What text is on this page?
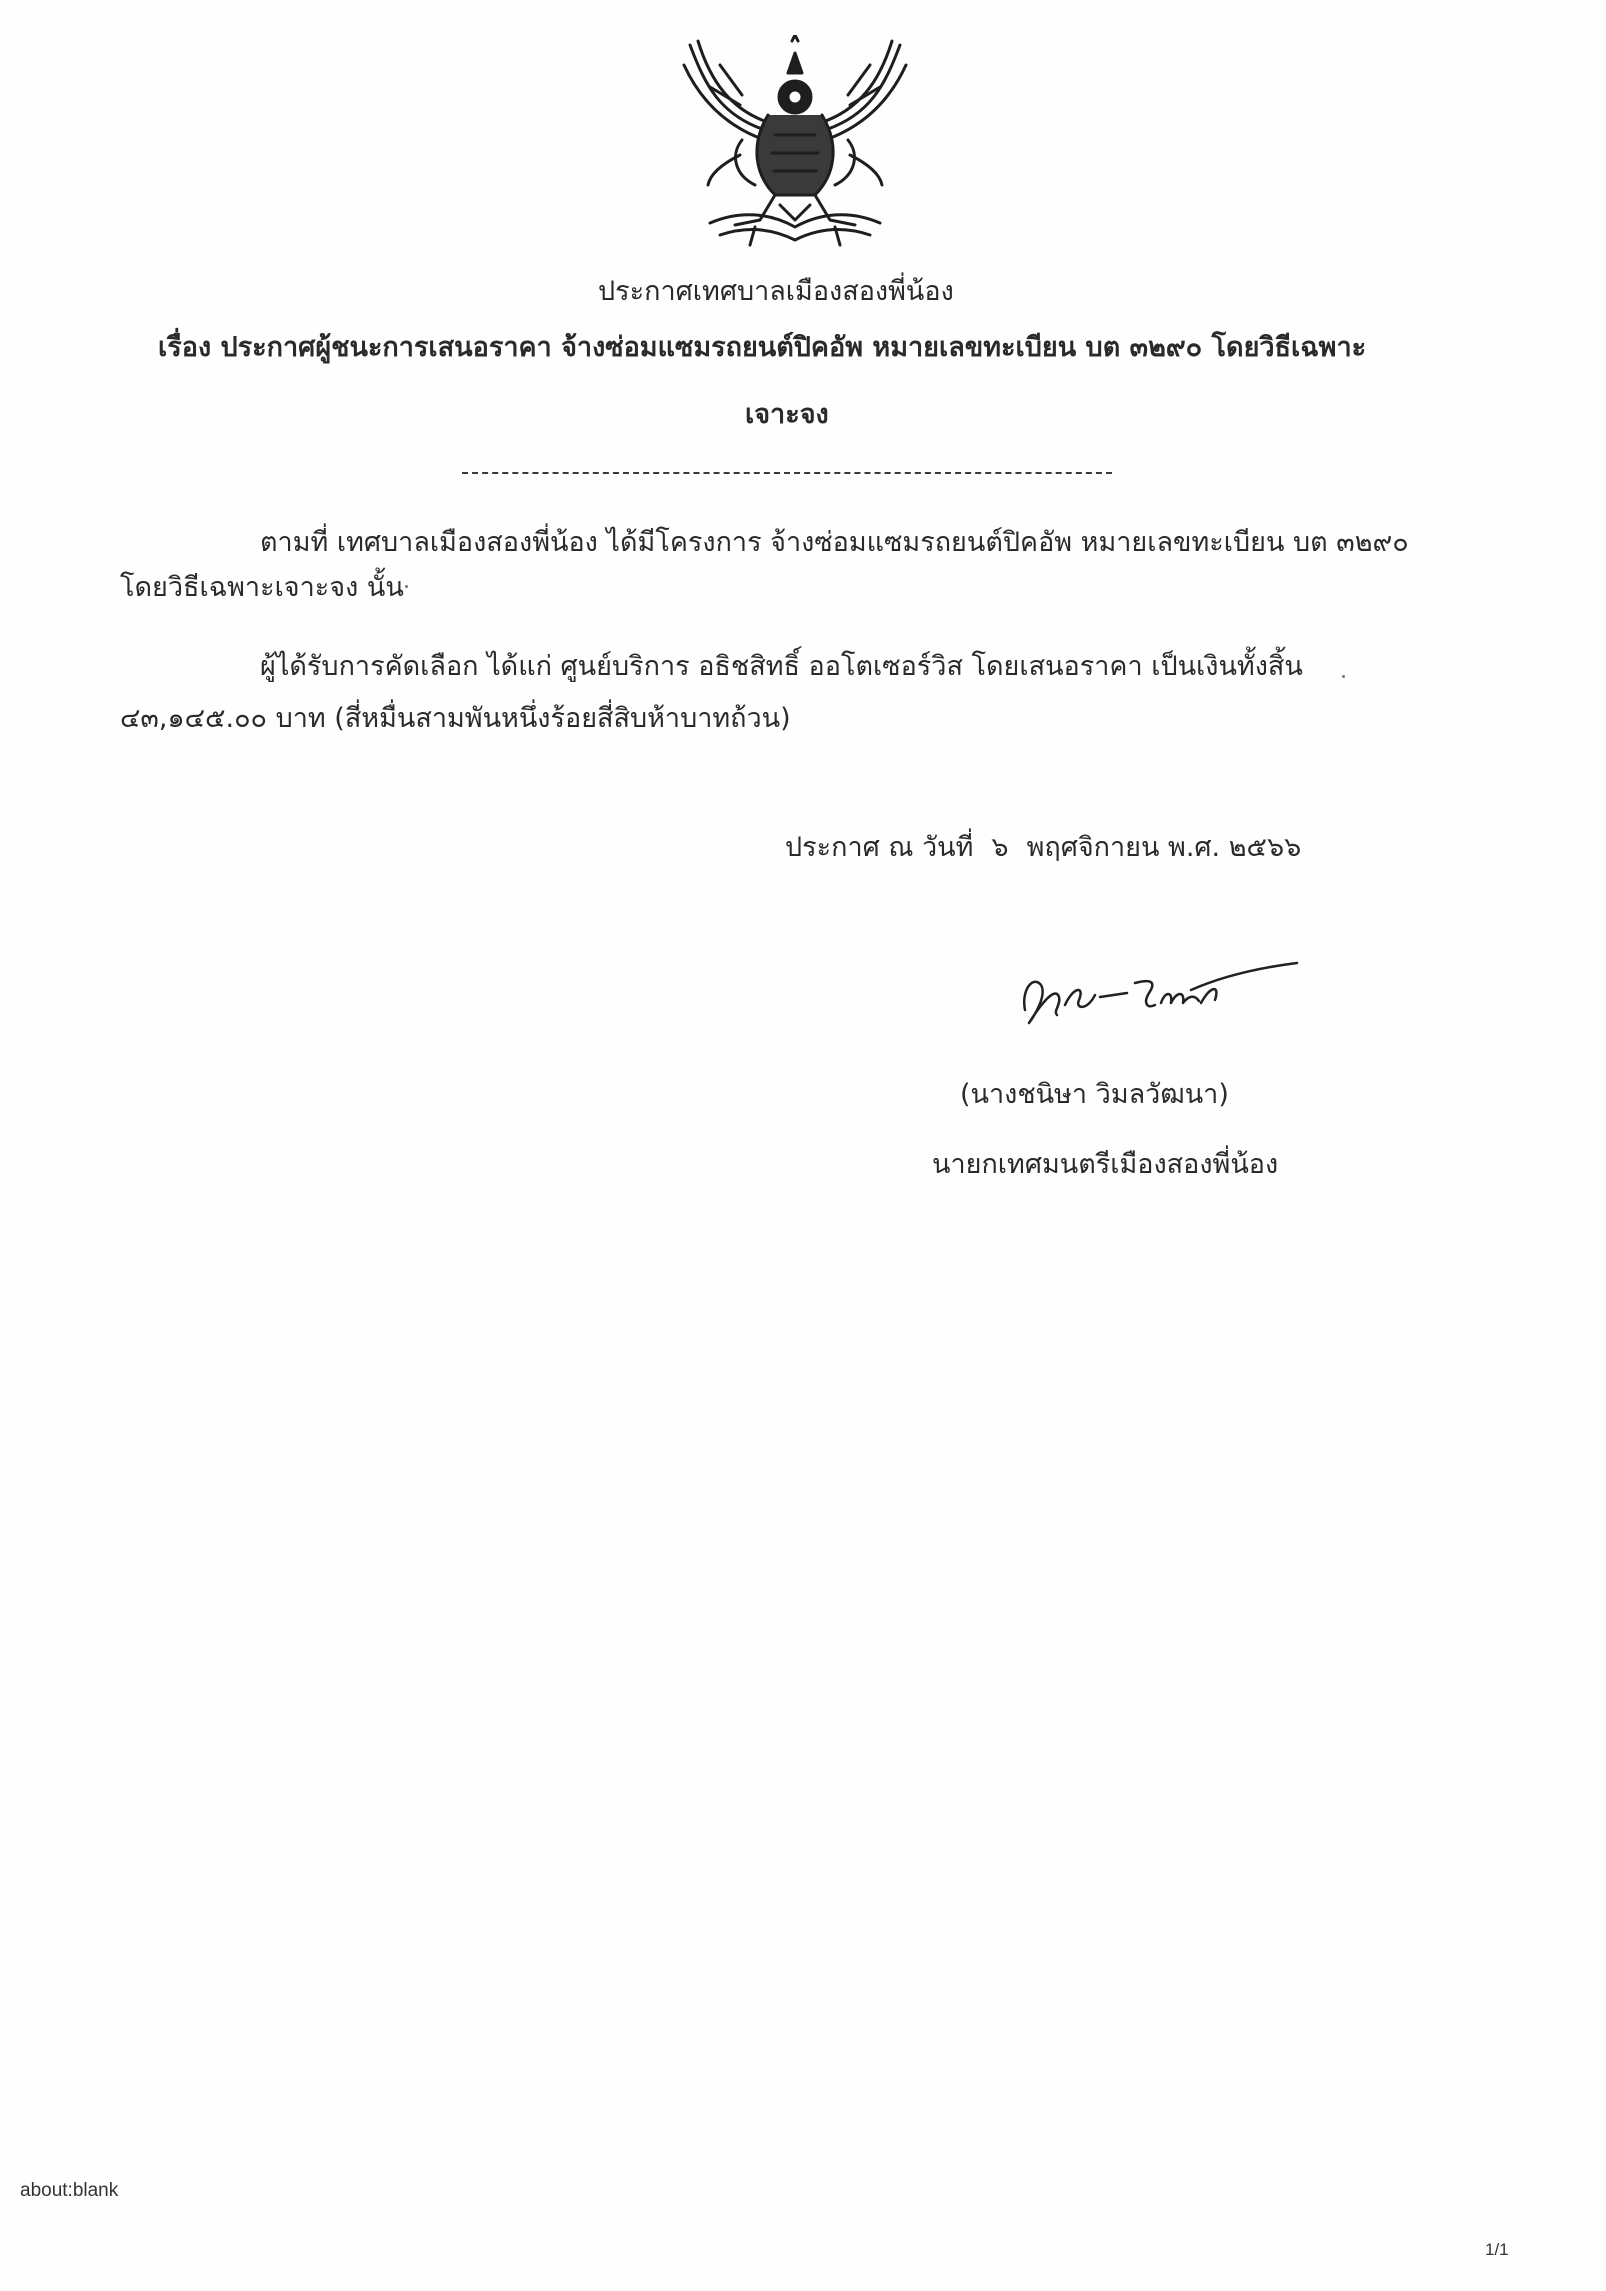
ประกาศเทศบาลเมืองสองพี่น้อง
เรื่อง ประกาศผู้ชนะการเสนอราคา จ้างซ่อมแซมรถยนต์ปิคอัพ หมายเลขทะเบียน บต ๓๒๙๐ โดยวิธีเฉพาะ
เจาะจง
ตามที่ เทศบาลเมืองสองพี่น้อง ได้มีโครงการ จ้างซ่อมแซมรถยนต์ปิคอัพ หมายเลขทะเบียน บต ๓๒๙๐
โดยวิธีเฉพาะเจาะจง นั้น
ผู้ได้รับการคัดเลือก ได้แก่ ศูนย์บริการ อธิชสิทธิ์ ออโตเซอร์วิส โดยเสนอราคา เป็นเงินทั้งสิ้น
๔๓,๑๔๕.๐๐ บาท (สี่หมื่นสามพันหนึ่งร้อยสี่สิบห้าบาทถ้วน)
ประกาศ ณ วันที่ ๖ พฤศจิกายน พ.ศ. ๒๕๖๖
(นางชนิษา วิมลวัฒนา)
นายกเทศมนตรีเมืองสองพี่น้อง
about:blank
1/1
